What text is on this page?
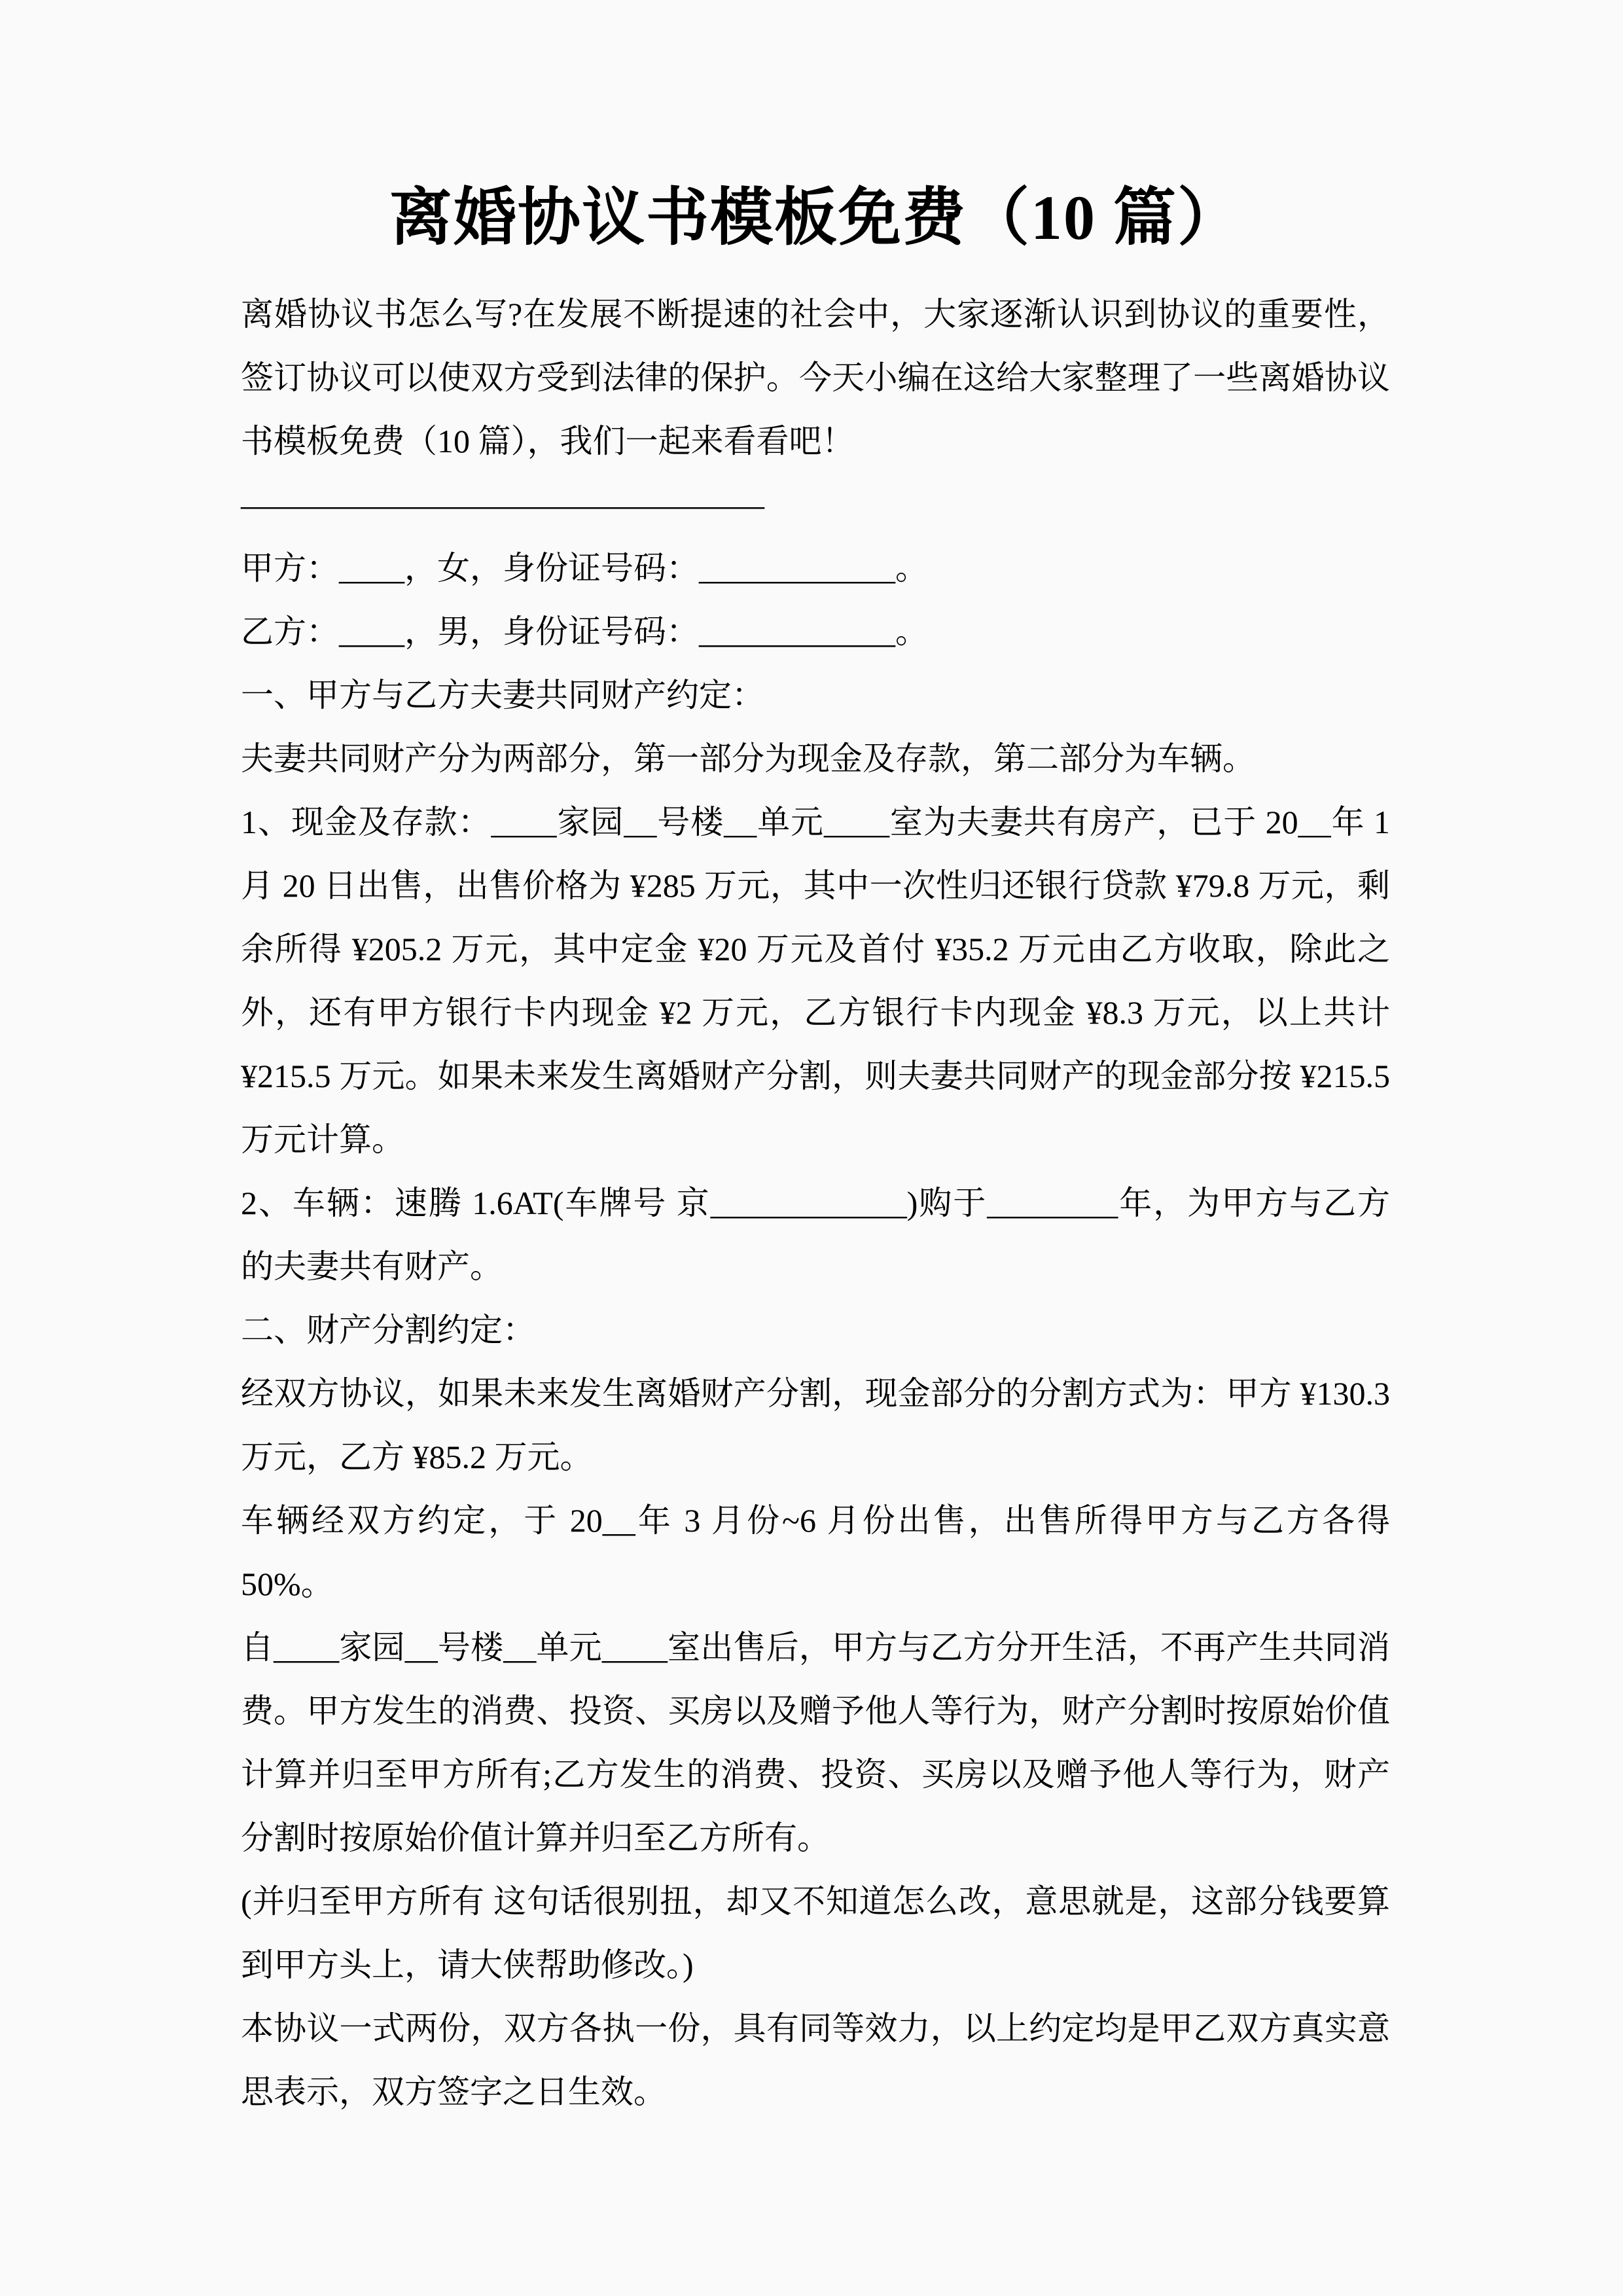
离婚协议书模板免费（10 篇）

离婚协议书怎么写?在发展不断提速的社会中，大家逐渐认识到协议的重要性，签订协议可以使双方受到法律的保护。今天小编在这给大家整理了一些离婚协议书模板免费（10 篇），我们一起来看看吧！

————————————————

甲方：____，女，身份证号码：____________。

乙方：____，男，身份证号码：____________。

一、甲方与乙方夫妻共同财产约定：

夫妻共同财产分为两部分，第一部分为现金及存款，第二部分为车辆。

1、现金及存款：____家园__号楼__单元____室为夫妻共有房产，已于 20__年 1 月 20 日出售，出售价格为 ¥285 万元，其中一次性归还银行贷款 ¥79.8 万元，剩余所得 ¥205.2 万元，其中定金 ¥20 万元及首付 ¥35.2 万元由乙方收取，除此之外，还有甲方银行卡内现金 ¥2 万元，乙方银行卡内现金 ¥8.3 万元，以上共计 ¥215.5 万元。如果未来发生离婚财产分割，则夫妻共同财产的现金部分按 ¥215.5 万元计算。

2、车辆：速腾 1.6AT(车牌号 京____________)购于________年，为甲方与乙方的夫妻共有财产。

二、财产分割约定：

经双方协议，如果未来发生离婚财产分割，现金部分的分割方式为：甲方 ¥130.3 万元，乙方 ¥85.2 万元。

车辆经双方约定，于 20__年 3 月份~6 月份出售，出售所得甲方与乙方各得 50%。

自____家园__号楼__单元____室出售后，甲方与乙方分开生活，不再产生共同消费。甲方发生的消费、投资、买房以及赠予他人等行为，财产分割时按原始价值计算并归至甲方所有;乙方发生的消费、投资、买房以及赠予他人等行为，财产分割时按原始价值计算并归至乙方所有。

(并归至甲方所有 这句话很别扭，却又不知道怎么改，意思就是，这部分钱要算到甲方头上，请大侠帮助修改。)

本协议一式两份，双方各执一份，具有同等效力，以上约定均是甲乙双方真实意思表示，双方签字之日生效。
